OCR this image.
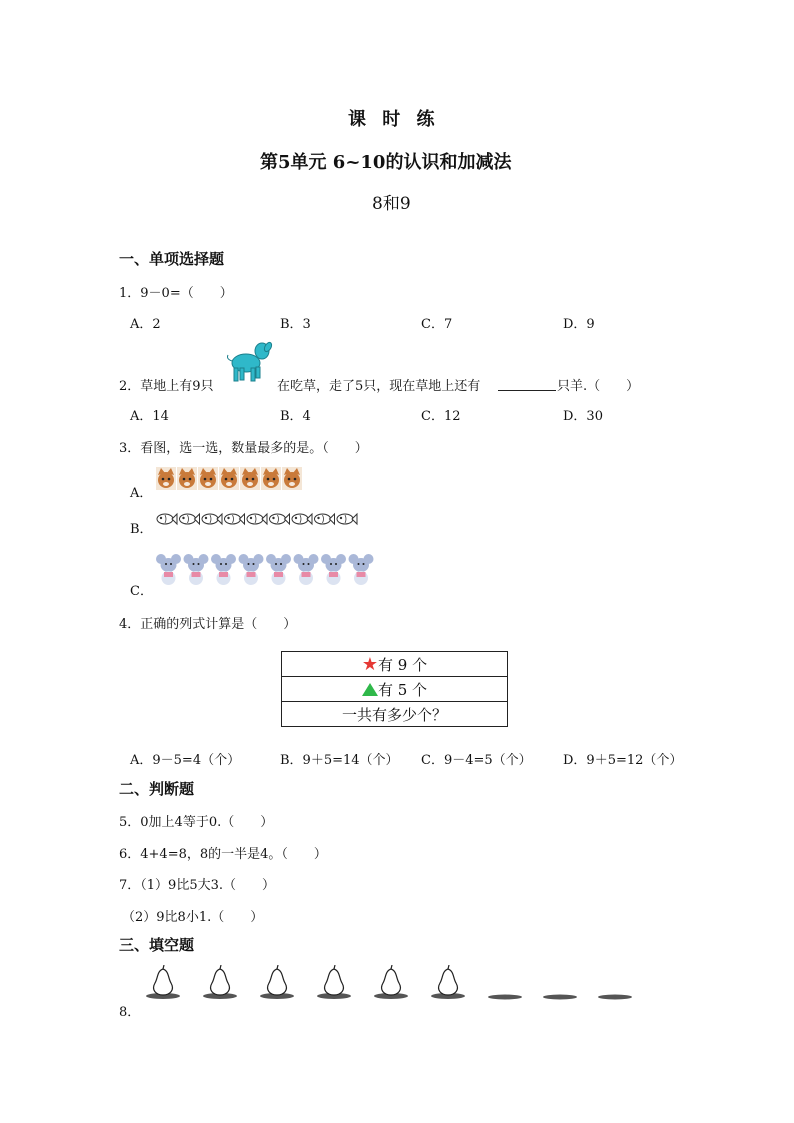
课 时 练
第5单元 6~10的认识和加减法
8和9
一、单项选择题
1．9－0=（　　）
A．2	B．3	C．7	D．9
2．草地上有9只	在吃草，走了5只，现在草地上还有	只羊.（　　）
A．14	B．4	C．12	D．30
3．看图，选一选，数量最多的是。（　　）
A．
B．
C．
4．正确的列式计算是（　　）
★有 9 个

有 5 个
一共有多少个？
A．9－5=4（个）	B．9＋5=14（个） C．9－4=5（个） D．9＋5=12（个）
二、判断题
5．0加上4等于0.（　　）
6．4+4=8，8的一半是4。（　　）
7．（1）9比5大3.（　　）
（2）9比8小1.（　　）
三、填空题
8．
